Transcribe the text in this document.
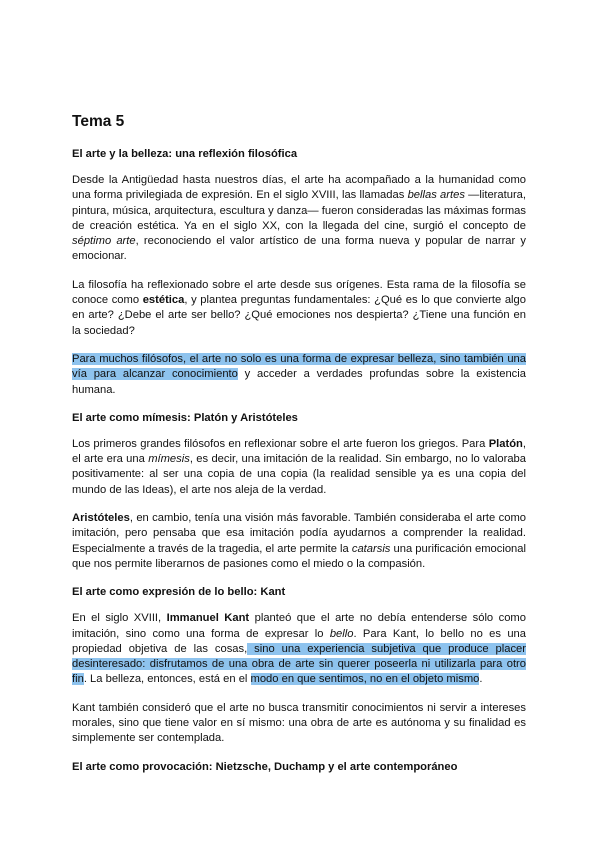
Tema 5
El arte y la belleza: una reflexión filosófica

Desde la Antigüedad hasta nuestros días, el arte ha acompañado a la humanidad como una forma privilegiada de expresión. En el siglo XVIII, las llamadas bellas artes —literatura, pintura, música, arquitectura, escultura y danza— fueron consideradas las máximas formas de creación estética. Ya en el siglo XX, con la llegada del cine, surgió el concepto de séptimo arte, reconociendo el valor artístico de una forma nueva y popular de narrar y emocionar.

La filosofía ha reflexionado sobre el arte desde sus orígenes. Esta rama de la filosofía se conoce como estética, y plantea preguntas fundamentales: ¿Qué es lo que convierte algo en arte? ¿Debe el arte ser bello? ¿Qué emociones nos despierta? ¿Tiene una función en la sociedad?

Para muchos filósofos, el arte no solo es una forma de expresar belleza, sino también una vía para alcanzar conocimiento y acceder a verdades profundas sobre la existencia humana.

El arte como mímesis: Platón y Aristóteles

Los primeros grandes filósofos en reflexionar sobre el arte fueron los griegos. Para Platón, el arte era una mímesis, es decir, una imitación de la realidad. Sin embargo, no lo valoraba positivamente: al ser una copia de una copia (la realidad sensible ya es una copia del mundo de las Ideas), el arte nos aleja de la verdad.

Aristóteles, en cambio, tenía una visión más favorable. También consideraba el arte como imitación, pero pensaba que esa imitación podía ayudarnos a comprender la realidad. Especialmente a través de la tragedia, el arte permite la catarsis una purificación emocional que nos permite liberarnos de pasiones como el miedo o la compasión.

El arte como expresión de lo bello: Kant

En el siglo XVIII, Immanuel Kant planteó que el arte no debía entenderse sólo como imitación, sino como una forma de expresar lo bello. Para Kant, lo bello no es una propiedad objetiva de las cosas, sino una experiencia subjetiva que produce placer desinteresado: disfrutamos de una obra de arte sin querer poseerla ni utilizarla para otro fin. La belleza, entonces, está en el modo en que sentimos, no en el objeto mismo.

Kant también consideró que el arte no busca transmitir conocimientos ni servir a intereses morales, sino que tiene valor en sí mismo: una obra de arte es autónoma y su finalidad es simplemente ser contemplada.

El arte como provocación: Nietzsche, Duchamp y el arte contemporáneo
